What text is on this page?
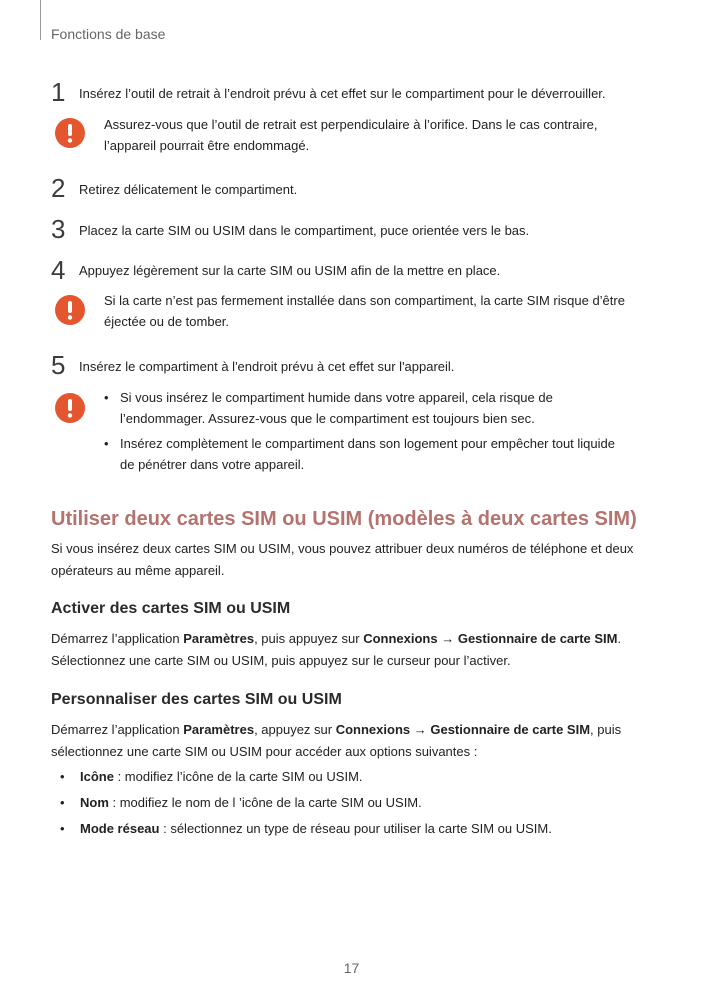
Fonctions de base
1 Insérez l’outil de retrait à l’endroit prévu à cet effet sur le compartiment pour le déverrouiller.
Assurez-vous que l’outil de retrait est perpendiculaire à l’orifice. Dans le cas contraire,
l’appareil pourrait être endommagé.
2 Retirez délicatement le compartiment.
3 Placez la carte SIM ou USIM dans le compartiment, puce orientée vers le bas.
4 Appuyez légèrement sur la carte SIM ou USIM afin de la mettre en place.
Si la carte n’est pas fermement installée dans son compartiment, la carte SIM risque d’être
éjectée ou de tomber.
5 Insérez le compartiment à l'endroit prévu à cet effet sur l'appareil.
• Si vous insérez le compartiment humide dans votre appareil, cela risque de
l’endommager. Assurez-vous que le compartiment est toujours bien sec.
• Insérez complètement le compartiment dans son logement pour empêcher tout liquide
de pénétrer dans votre appareil.
Utiliser deux cartes SIM ou USIM (modèles à deux cartes SIM)
Si vous insérez deux cartes SIM ou USIM, vous pouvez attribuer deux numéros de téléphone et deux
opérateurs au même appareil.
Activer des cartes SIM ou USIM
Démarrez l’application Paramètres, puis appuyez sur Connexions → Gestionnaire de carte SIM.
Sélectionnez une carte SIM ou USIM, puis appuyez sur le curseur pour l’activer.
Personnaliser des cartes SIM ou USIM
Démarrez l’application Paramètres, appuyez sur Connexions → Gestionnaire de carte SIM, puis
sélectionnez une carte SIM ou USIM pour accéder aux options suivantes :
• Icône : modifiez l’icône de la carte SIM ou USIM.
• Nom : modifiez le nom de l ’icône de la carte SIM ou USIM.
• Mode réseau : sélectionnez un type de réseau pour utiliser la carte SIM ou USIM.
17
